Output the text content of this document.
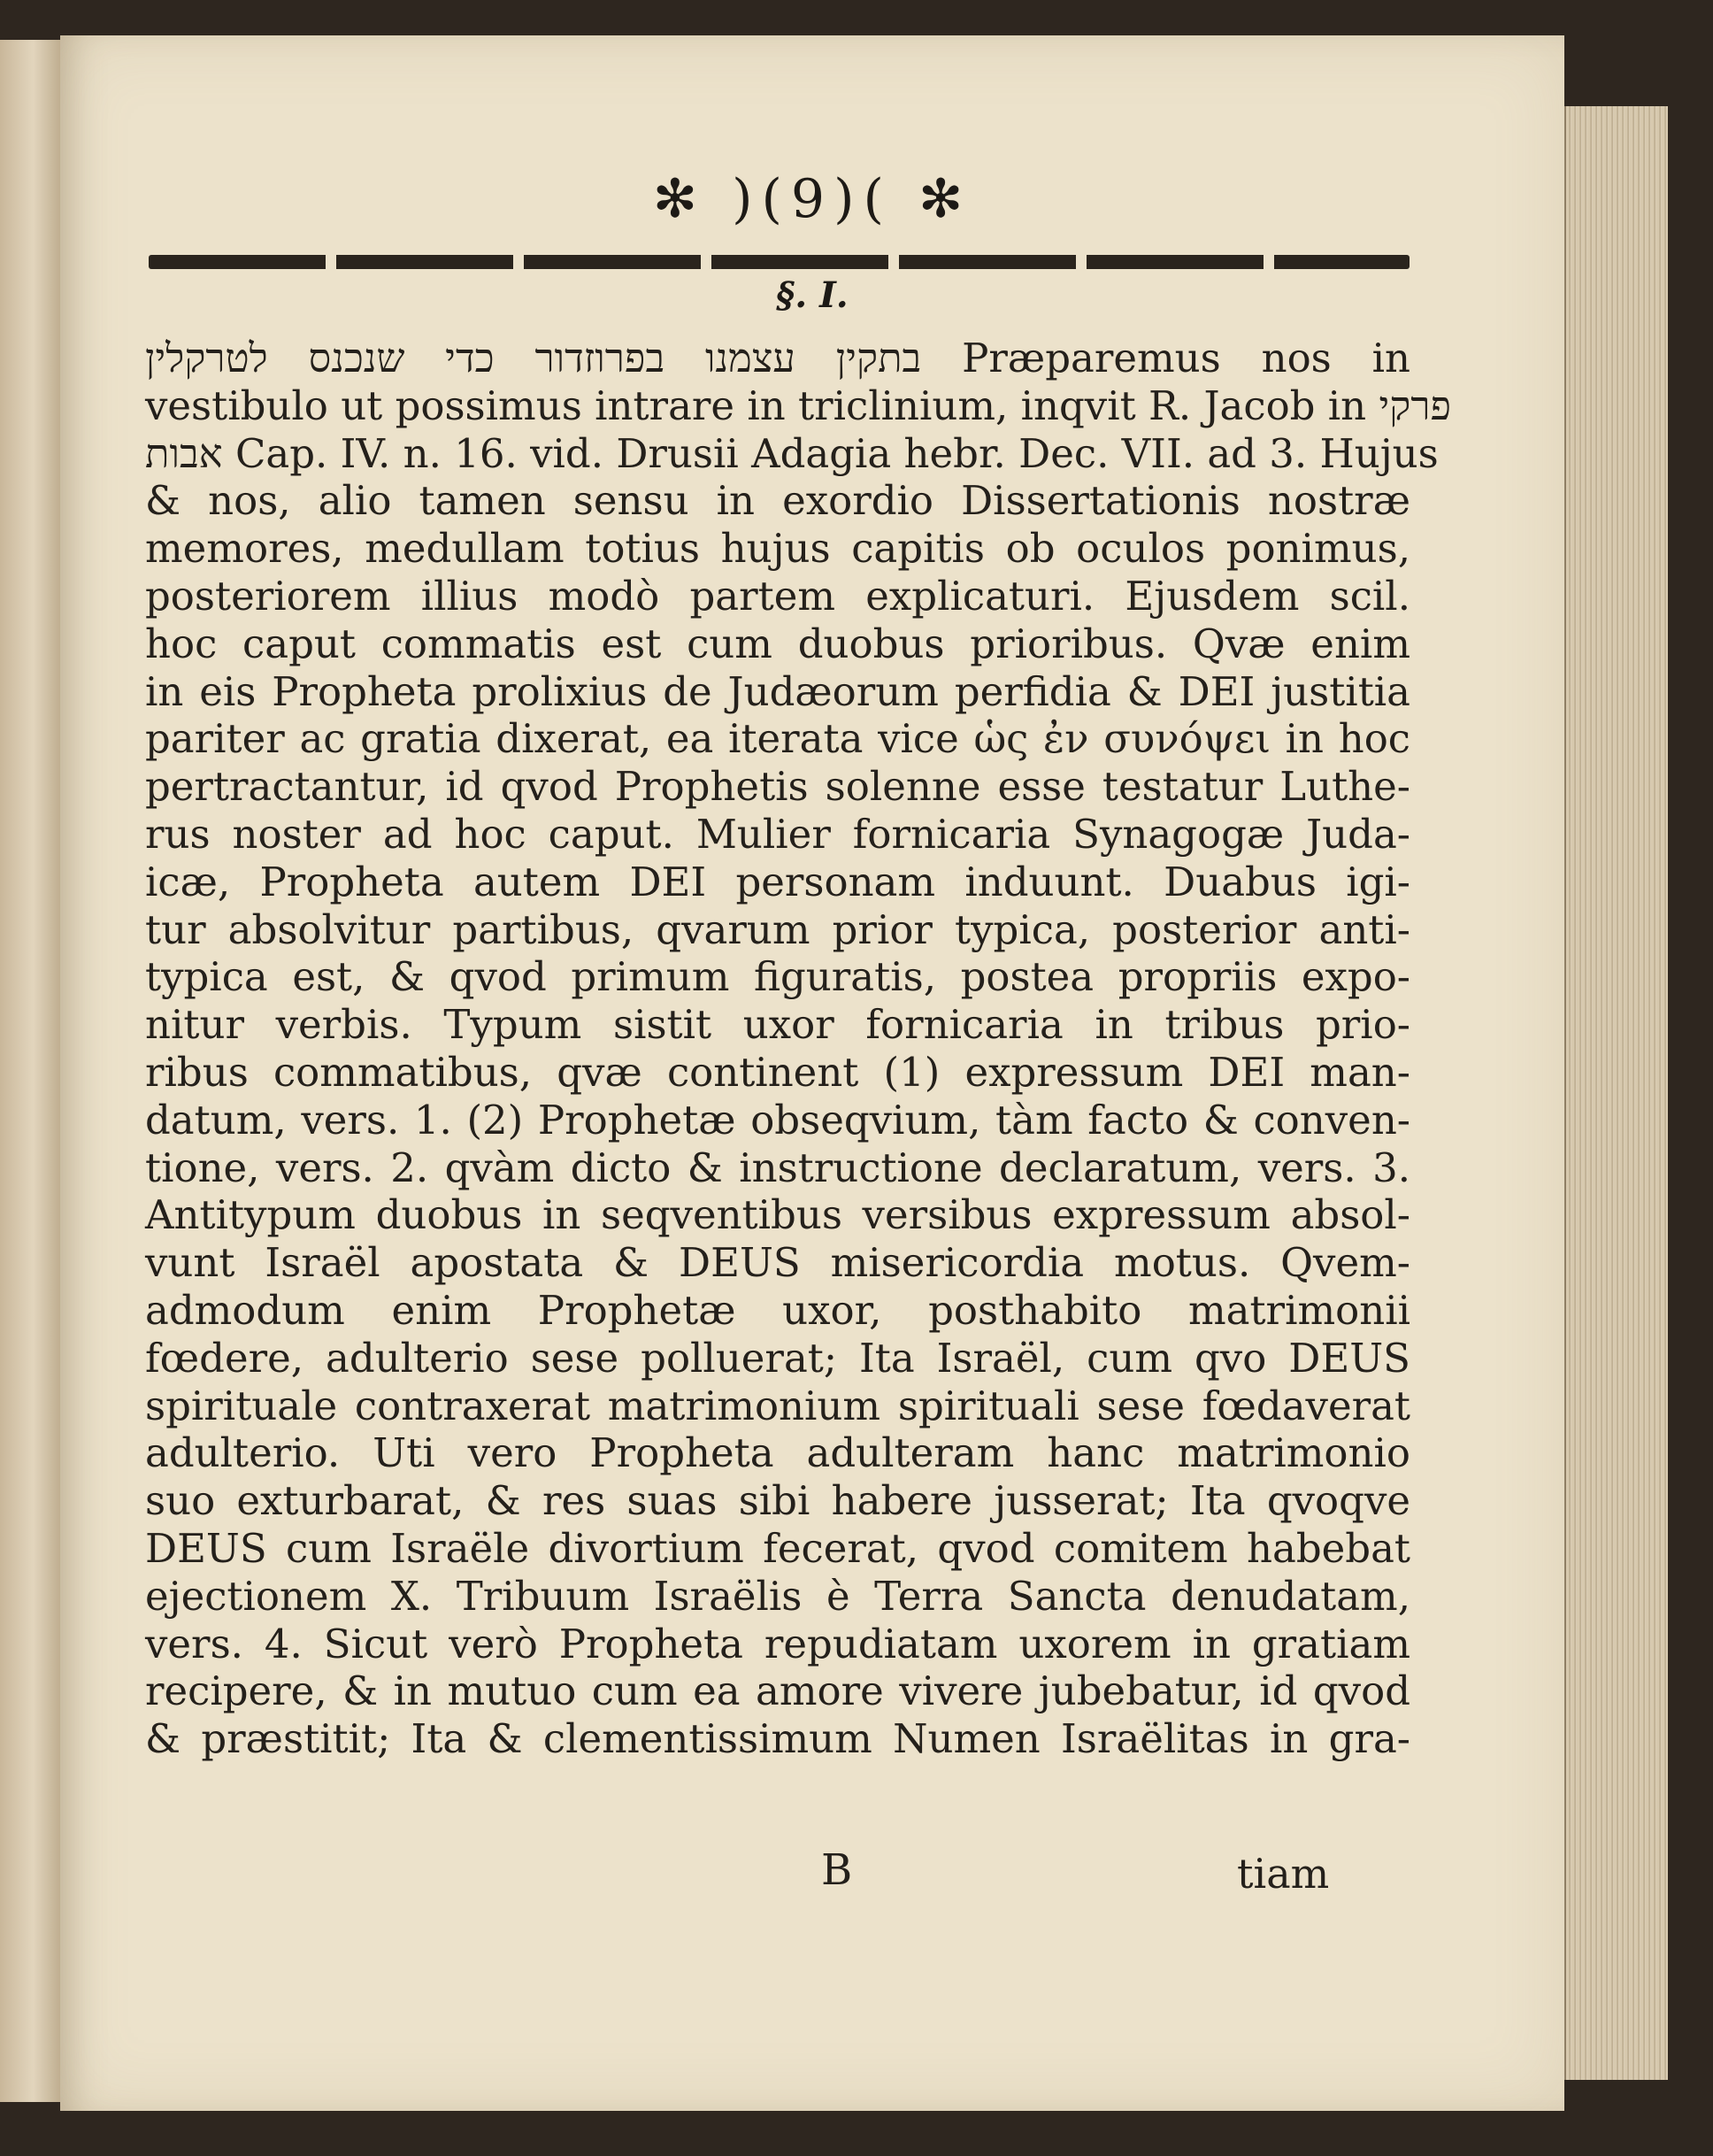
✻ )(9)( ✻
§. I.
בתקין עצמנו בפרוזדור כדי שנכנס לטרקלין Præparemus nos in
vestibulo ut possimus intrare in triclinium, inqvit R. Jacob in פרקי
אבות Cap. IV. n. 16. vid. Drusii Adagia hebr. Dec. VII. ad 3. Hujus
& nos, alio tamen sensu in exordio Dissertationis nostræ
memores, medullam totius hujus capitis ob oculos ponimus,
posteriorem illius modò partem explicaturi. Ejusdem scil.
hoc caput commatis est cum duobus prioribus. Qvæ enim
in eis Propheta prolixius de Judæorum perfidia & DEI justitia
pariter ac gratia dixerat, ea iterata vice ὡς ἐν συνόψει in hoc
pertractantur, id qvod Prophetis solenne esse testatur Luthe-
rus noster ad hoc caput. Mulier fornicaria Synagogæ Juda-
icæ, Propheta autem DEI personam induunt. Duabus igi-
tur absolvitur partibus, qvarum prior typica, posterior anti-
typica est, & qvod primum figuratis, postea propriis expo-
nitur verbis. Typum sistit uxor fornicaria in tribus prio-
ribus commatibus, qvæ continent (1) expressum DEI man-
datum, vers. 1. (2) Prophetæ obseqvium, tàm facto & conven-
tione, vers. 2. qvàm dicto & instructione declaratum, vers. 3.
Antitypum duobus in seqventibus versibus expressum absol-
vunt Israël apostata & DEUS misericordia motus. Qvem-
admodum enim Prophetæ uxor, posthabito matrimonii
fœdere, adulterio sese polluerat; Ita Israël, cum qvo DEUS
spirituale contraxerat matrimonium spirituali sese fœdaverat
adulterio. Uti vero Propheta adulteram hanc matrimonio
suo exturbarat, & res suas sibi habere jusserat; Ita qvoqve
DEUS cum Israële divortium fecerat, qvod comitem habebat
ejectionem X. Tribuum Israëlis è Terra Sancta denudatam,
vers. 4. Sicut verò Propheta repudiatam uxorem in gratiam
recipere, & in mutuo cum ea amore vivere jubebatur, id qvod
& præstitit; Ita & clementissimum Numen Israëlitas in gra-
B	tiam
